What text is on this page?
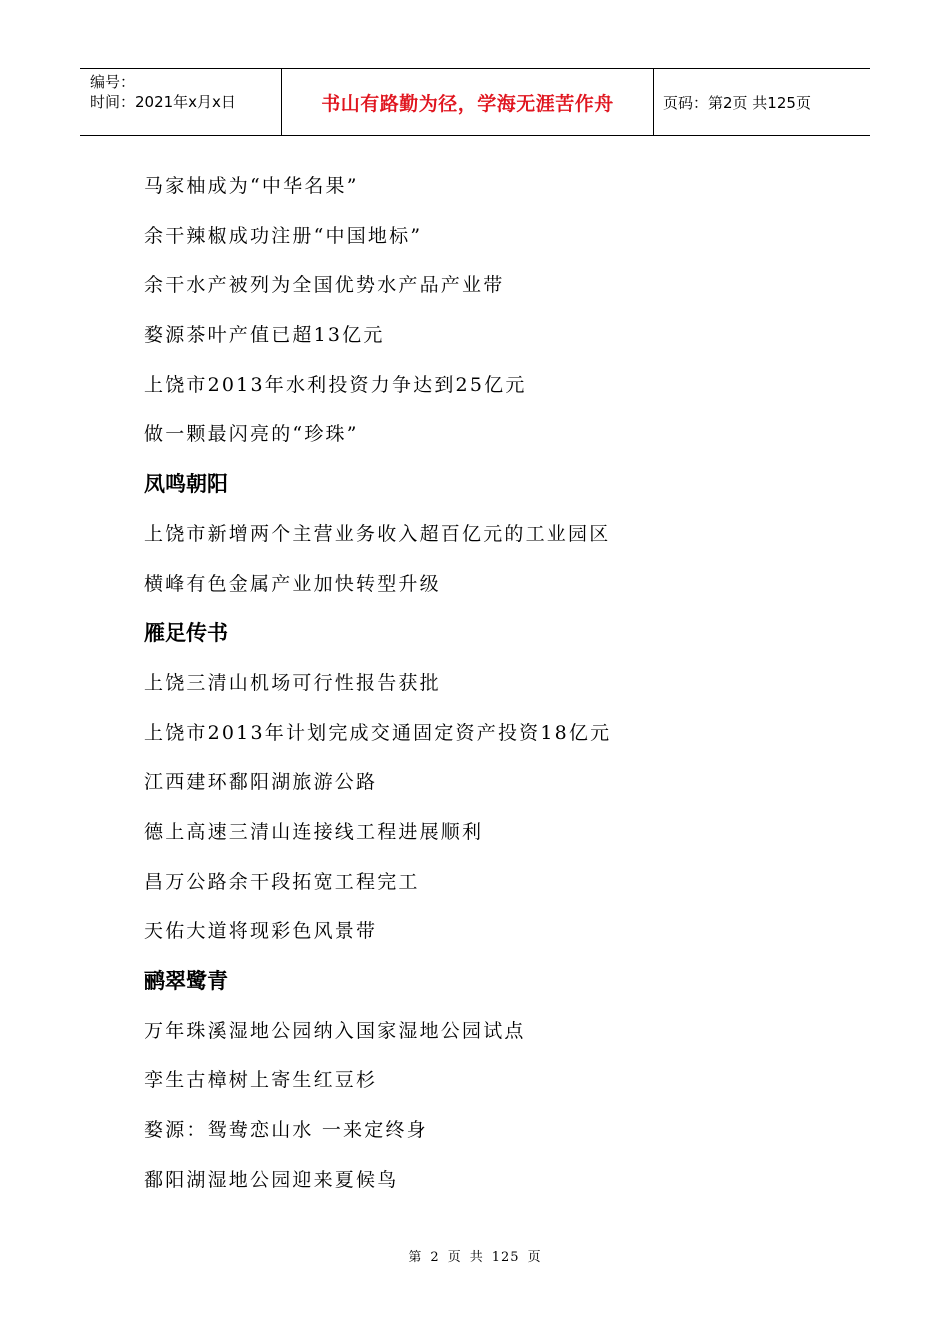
编号：
时间：2021年x月x日	书山有路勤为径，学海无涯苦作舟	页码：第2页 共125页
马家柚成为“中华名果”
余干辣椒成功注册“中国地标”
余干水产被列为全国优势水产品产业带
婺源茶叶产值已超13亿元
上饶市2013年水利投资力争达到25亿元
做一颗最闪亮的“珍珠”
凤鸣朝阳
上饶市新增两个主营业务收入超百亿元的工业园区
横峰有色金属产业加快转型升级
雁足传书
上饶三清山机场可行性报告获批
上饶市2013年计划完成交通固定资产投资18亿元
江西建环鄱阳湖旅游公路
德上高速三清山连接线工程进展顺利
昌万公路余干段拓宽工程完工
天佑大道将现彩色风景带
鹂翠鹭青
万年珠溪湿地公园纳入国家湿地公园试点
孪生古樟树上寄生红豆杉
婺源：鸳鸯恋山水 一来定终身
鄱阳湖湿地公园迎来夏候鸟
第 2 页 共 125 页
